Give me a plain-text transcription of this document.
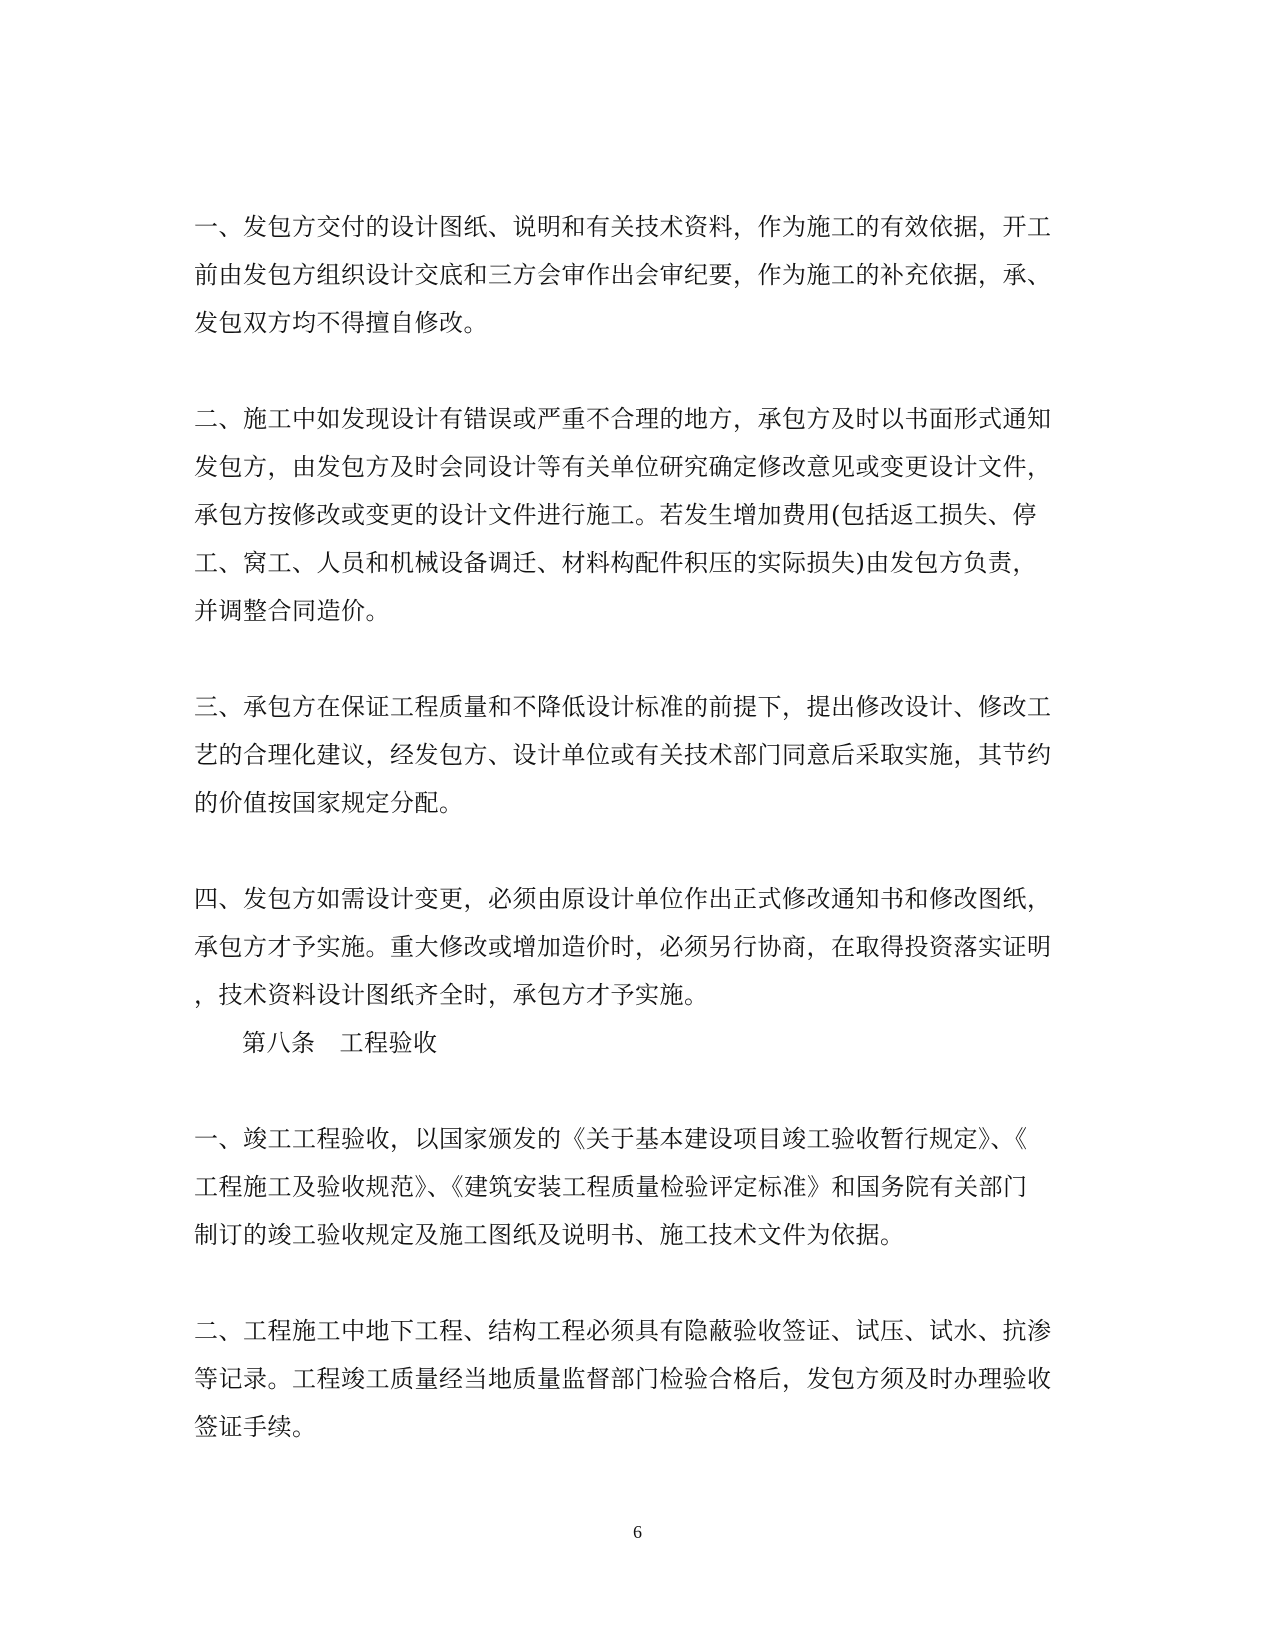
一、发包方交付的设计图纸、说明和有关技术资料，作为施工的有效依据，开工
前由发包方组织设计交底和三方会审作出会审纪要，作为施工的补充依据，承、
发包双方均不得擅自修改。

二、施工中如发现设计有错误或严重不合理的地方，承包方及时以书面形式通知
发包方，由发包方及时会同设计等有关单位研究确定修改意见或变更设计文件，
承包方按修改或变更的设计文件进行施工。若发生增加费用(包括返工损失、停
工、窝工、人员和机械设备调迁、材料构配件积压的实际损失)由发包方负责，
并调整合同造价。

三、承包方在保证工程质量和不降低设计标准的前提下，提出修改设计、修改工
艺的合理化建议，经发包方、设计单位或有关技术部门同意后采取实施，其节约
的价值按国家规定分配。

四、发包方如需设计变更，必须由原设计单位作出正式修改通知书和修改图纸，
承包方才予实施。重大修改或增加造价时，必须另行协商，在取得投资落实证明
，技术资料设计图纸齐全时，承包方才予实施。

第八条 工程验收

一、竣工工程验收，以国家颁发的《关于基本建设项目竣工验收暂行规定》、《
工程施工及验收规范》、《建筑安装工程质量检验评定标准》和国务院有关部门
制订的竣工验收规定及施工图纸及说明书、施工技术文件为依据。

二、工程施工中地下工程、结构工程必须具有隐蔽验收签证、试压、试水、抗渗
等记录。工程竣工质量经当地质量监督部门检验合格后，发包方须及时办理验收
签证手续。

6
